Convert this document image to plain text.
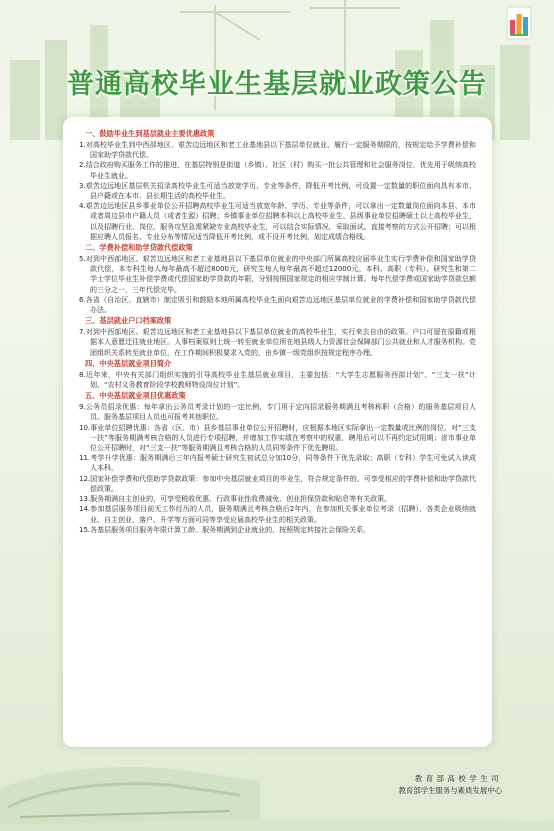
普通高校毕业生基层就业政策公告
一、鼓励毕业生到基层就业主要优惠政策

1.对高校毕业生到中西部地区、艰苦边远地区和老工业基地县以下基层单位就业、履行一定服务期限的，按规定给予学费补偿和国家助学贷款代偿。

2.结合政府购买服务工作的推进，在基层特别是街道（乡镇）、社区（村）购买一批公共管理和社会服务岗位，优先用于吸纳高校毕业生就业。

3.艰苦边远地区基层机关招录高校毕业生可适当放宽学历、专业等条件，降低开考比例，可设置一定数量的职位面向具有本市、县户籍或在本市、县长期生活的高校毕业生。

4.艰苦边远地区县乡事业单位公开招聘高校毕业生可适当放宽年龄、学历、专业等条件，可以拿出一定数量岗位面向本县、本市或者周边县市户籍人员（或者生源）招聘；乡镇事业单位招聘本科以上高校毕业生、县级事业单位招聘硕士以上高校毕业生，以及招聘行业、岗位、服务攻坚急需紧缺专业高校毕业生，可以结合实际情况，采取面试、直接考察的方式公开招聘；可以根据应聘人员报名、专业分布等情况适当降低开考比例，或不设开考比例，划定成绩合格线。

二、学费补偿和助学贷款代偿政策

5.对到中西部地区、艰苦边远地区和老工业基地县以下基层单位就业的中央部门所属高校应届毕业生实行学费补偿和国家助学贷款代偿，本专科生每人每年最高不超过8000元，研究生每人每年最高不超过12000元。本科、高职（专科）、研究生和第二学士学位毕业生补偿学费或代偿国家助学贷款的年限，分别按照国家规定的相应学制计算。每年代偿学费或国家助学贷款总额的三分之一，三年代偿完毕。

6.各省（自治区、直辖市）制定吸引和鼓励本地所属高校毕业生面向艰苦边远地区基层单位就业的学费补偿和国家助学贷款代偿办法。

三、基层就业户口档案政策

7.对到中西部地区、艰苦边远地区和老工业基地县以下基层单位就业的高校毕业生，实行来去自由的政策。户口可留在原籍或根据本人意愿迁往就业地区。人事档案原则上统一转至就业单位所在地县级人力资源社会保障部门公共就业和人才服务机构。党团组织关系转至就业单位，在工作期间积极要求入党的，由乡镇一级党组织按规定程序办理。

四、中央基层就业项目简介

8.近年来，中央有关部门组织实施的引导高校毕业生基层就业项目，主要包括：“大学生志愿服务西部计划”、“三支一扶”计划、“农村义务教育阶段学校教师特设岗位计划”。

五、中央基层就业项目优惠政策

9.公务员招录优惠：每年拿出公务员考录计划的一定比例，专门用于定向招录服务期满且考核称职（合格）的服务基层项目人员。服务基层项目人员也可报考其他职位。

10.事业单位招聘优惠：各省（区、市）县乡基层事业单位公开招聘时，应根据本地区实际拿出一定数量或比例的岗位，对“三支一扶”等服务期满考核合格的人员进行专项招聘，并增加工作实绩在考察中的权重，聘用后可以不再约定试用期；省市事业单位公开招聘时，对“三支一扶”等服务期满且考核合格的人员同等条件下优先聘用。

11.考学升学优惠：服务期满后三年内报考硕士研究生初试总分加10分，同等条件下优先录取；高职（专科）学生可免试入读成人本科。

12.国家补偿学费和代偿助学贷款政策：参加中央基层就业项目的毕业生，符合规定条件的，可享受相应的学费补偿和助学贷款代偿政策。

13.服务期满自主创业的，可享受税收优惠、行政事业性收费减免、创业担保贷款和贴息等有关政策。

14.参加基层服务项目前无工作经历的人员，服务期满且考核合格后2年内，在参加机关事业单位考录（招聘）、各类企业吸纳就业、自主创业、落户、升学等方面可同等享受应届高校毕业生的相关政策。

15.各基层服务项目服务年限计算工龄。服务期满到企业就业的，按照规定转接社会保险关系。

教育部高校学生司
教育部学生服务与素质发展中心
